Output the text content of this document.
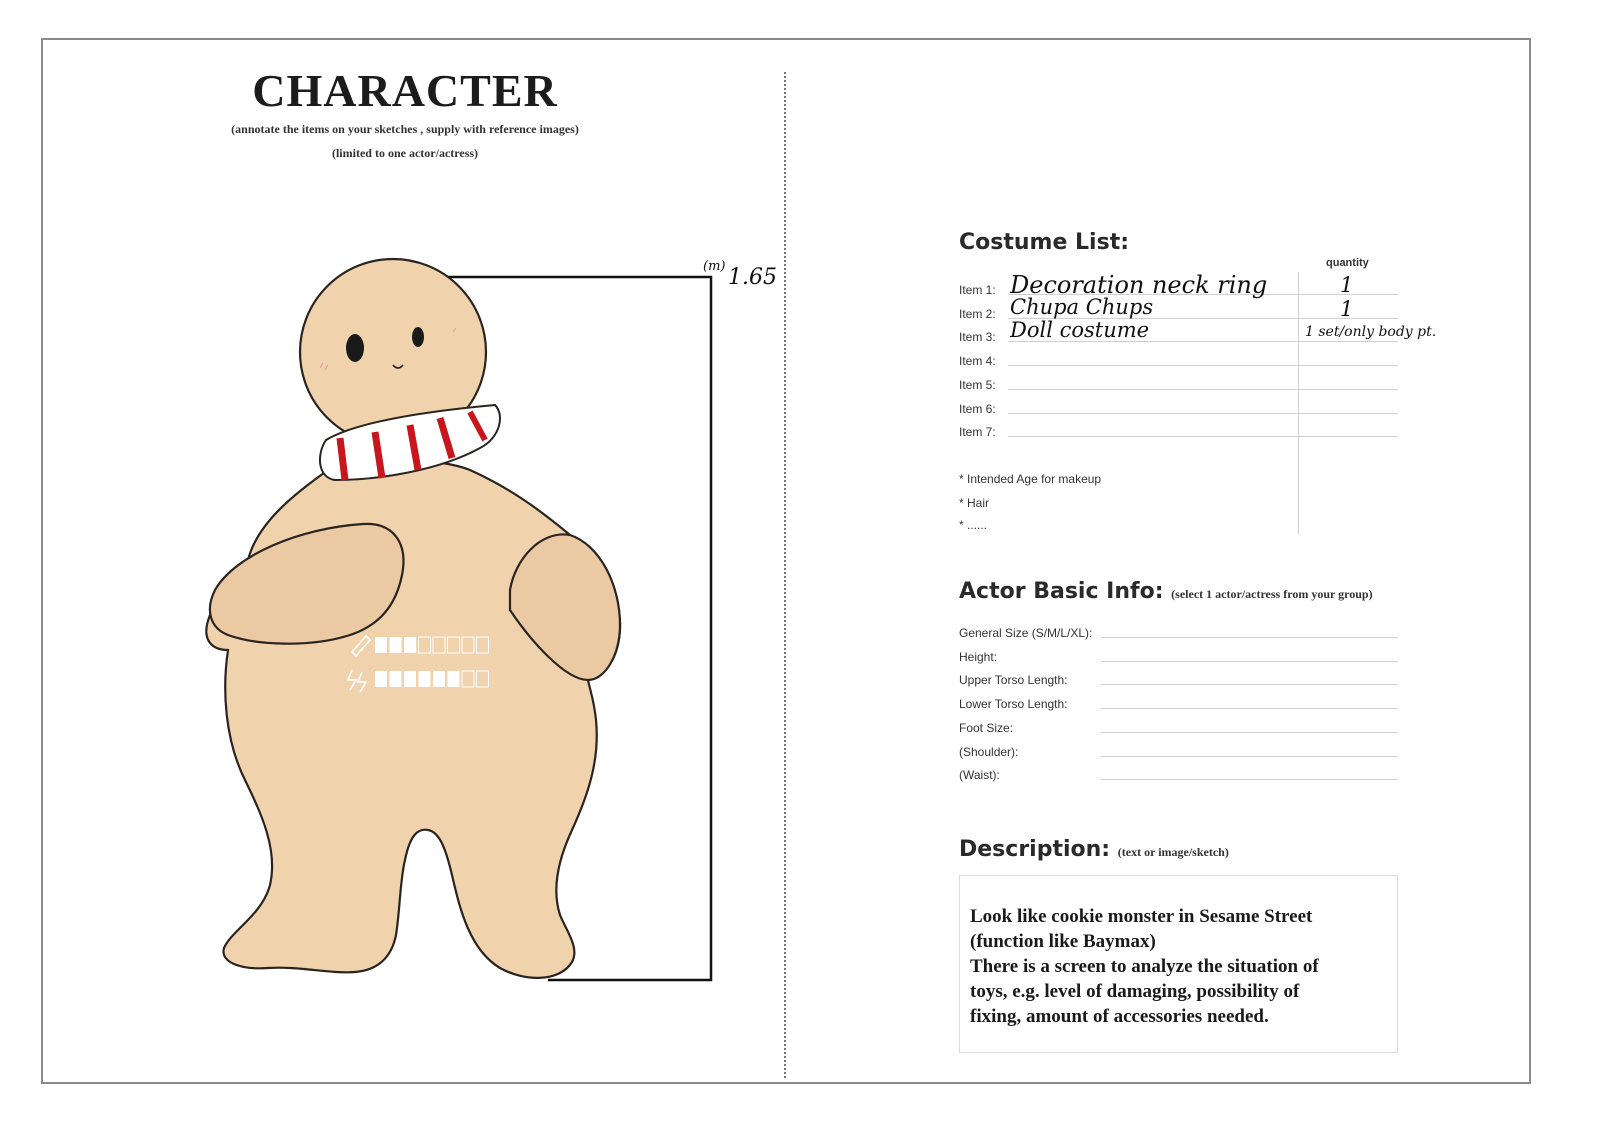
CHARACTER
(annotate the items on your sketches , supply with reference images)
(limited to one actor/actress)
(m) 1.65
Costume List:
quantity
Item 1: Decoration neck ring	1
Item 2: Chupa Chups	1
Item 3: Doll costume	1 set/only body pt.
Item 4:
Item 5:
Item 6:
Item 7:
* Intended Age for makeup
* Hair
* ......
Actor Basic Info: (select 1 actor/actress from your group)
General Size (S/M/L/XL):
Height:
Upper Torso Length:
Lower Torso Length:
Foot Size:
(Shoulder):
(Waist):
Description: (text or image/sketch)

Look like cookie monster in Sesame Street

(function like Baymax)

There is a screen to analyze the situation of

toys, e.g. level of damaging, possibility of

fixing, amount of accessories needed.
